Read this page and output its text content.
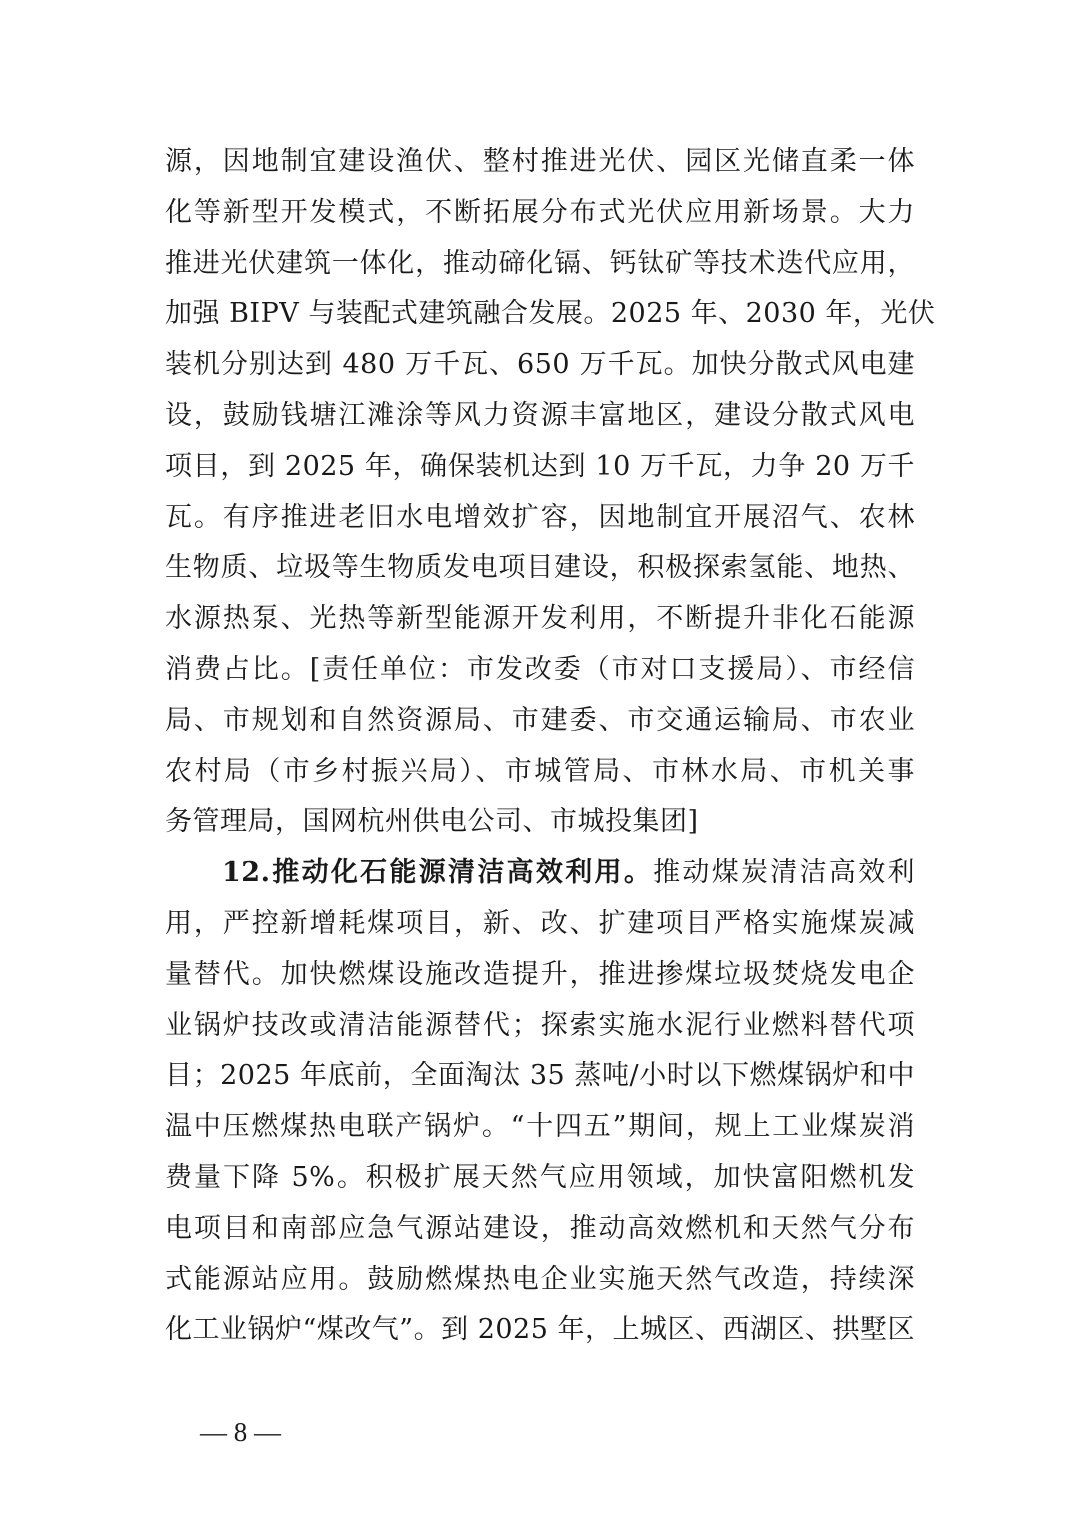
源，因地制宜建设渔伏、整村推进光伏、园区光储直柔一体
化等新型开发模式，不断拓展分布式光伏应用新场景。大力
推进光伏建筑一体化，推动碲化镉、钙钛矿等技术迭代应用，
加强 BIPV 与装配式建筑融合发展。2025 年、2030 年，光伏
装机分别达到 480 万千瓦、650 万千瓦。加快分散式风电建
设，鼓励钱塘江滩涂等风力资源丰富地区，建设分散式风电
项目，到 2025 年，确保装机达到 10 万千瓦，力争 20 万千
瓦。有序推进老旧水电增效扩容，因地制宜开展沼气、农林
生物质、垃圾等生物质发电项目建设，积极探索氢能、地热、
水源热泵、光热等新型能源开发利用，不断提升非化石能源
消费占比。[责任单位：市发改委（市对口支援局）、市经信
局、市规划和自然资源局、市建委、市交通运输局、市农业
农村局（市乡村振兴局）、市城管局、市林水局、市机关事
务管理局，国网杭州供电公司、市城投集团]
12.推动化石能源清洁高效利用。推动煤炭清洁高效利
用，严控新增耗煤项目，新、改、扩建项目严格实施煤炭减
量替代。加快燃煤设施改造提升，推进掺煤垃圾焚烧发电企
业锅炉技改或清洁能源替代；探索实施水泥行业燃料替代项
目；2025 年底前，全面淘汰 35 蒸吨/小时以下燃煤锅炉和中
温中压燃煤热电联产锅炉。“十四五”期间，规上工业煤炭消
费量下降 5%。积极扩展天然气应用领域，加快富阳燃机发
电项目和南部应急气源站建设，推动高效燃机和天然气分布
式能源站应用。鼓励燃煤热电企业实施天然气改造，持续深
化工业锅炉“煤改气”。到 2025 年，上城区、西湖区、拱墅区
— 8 —
